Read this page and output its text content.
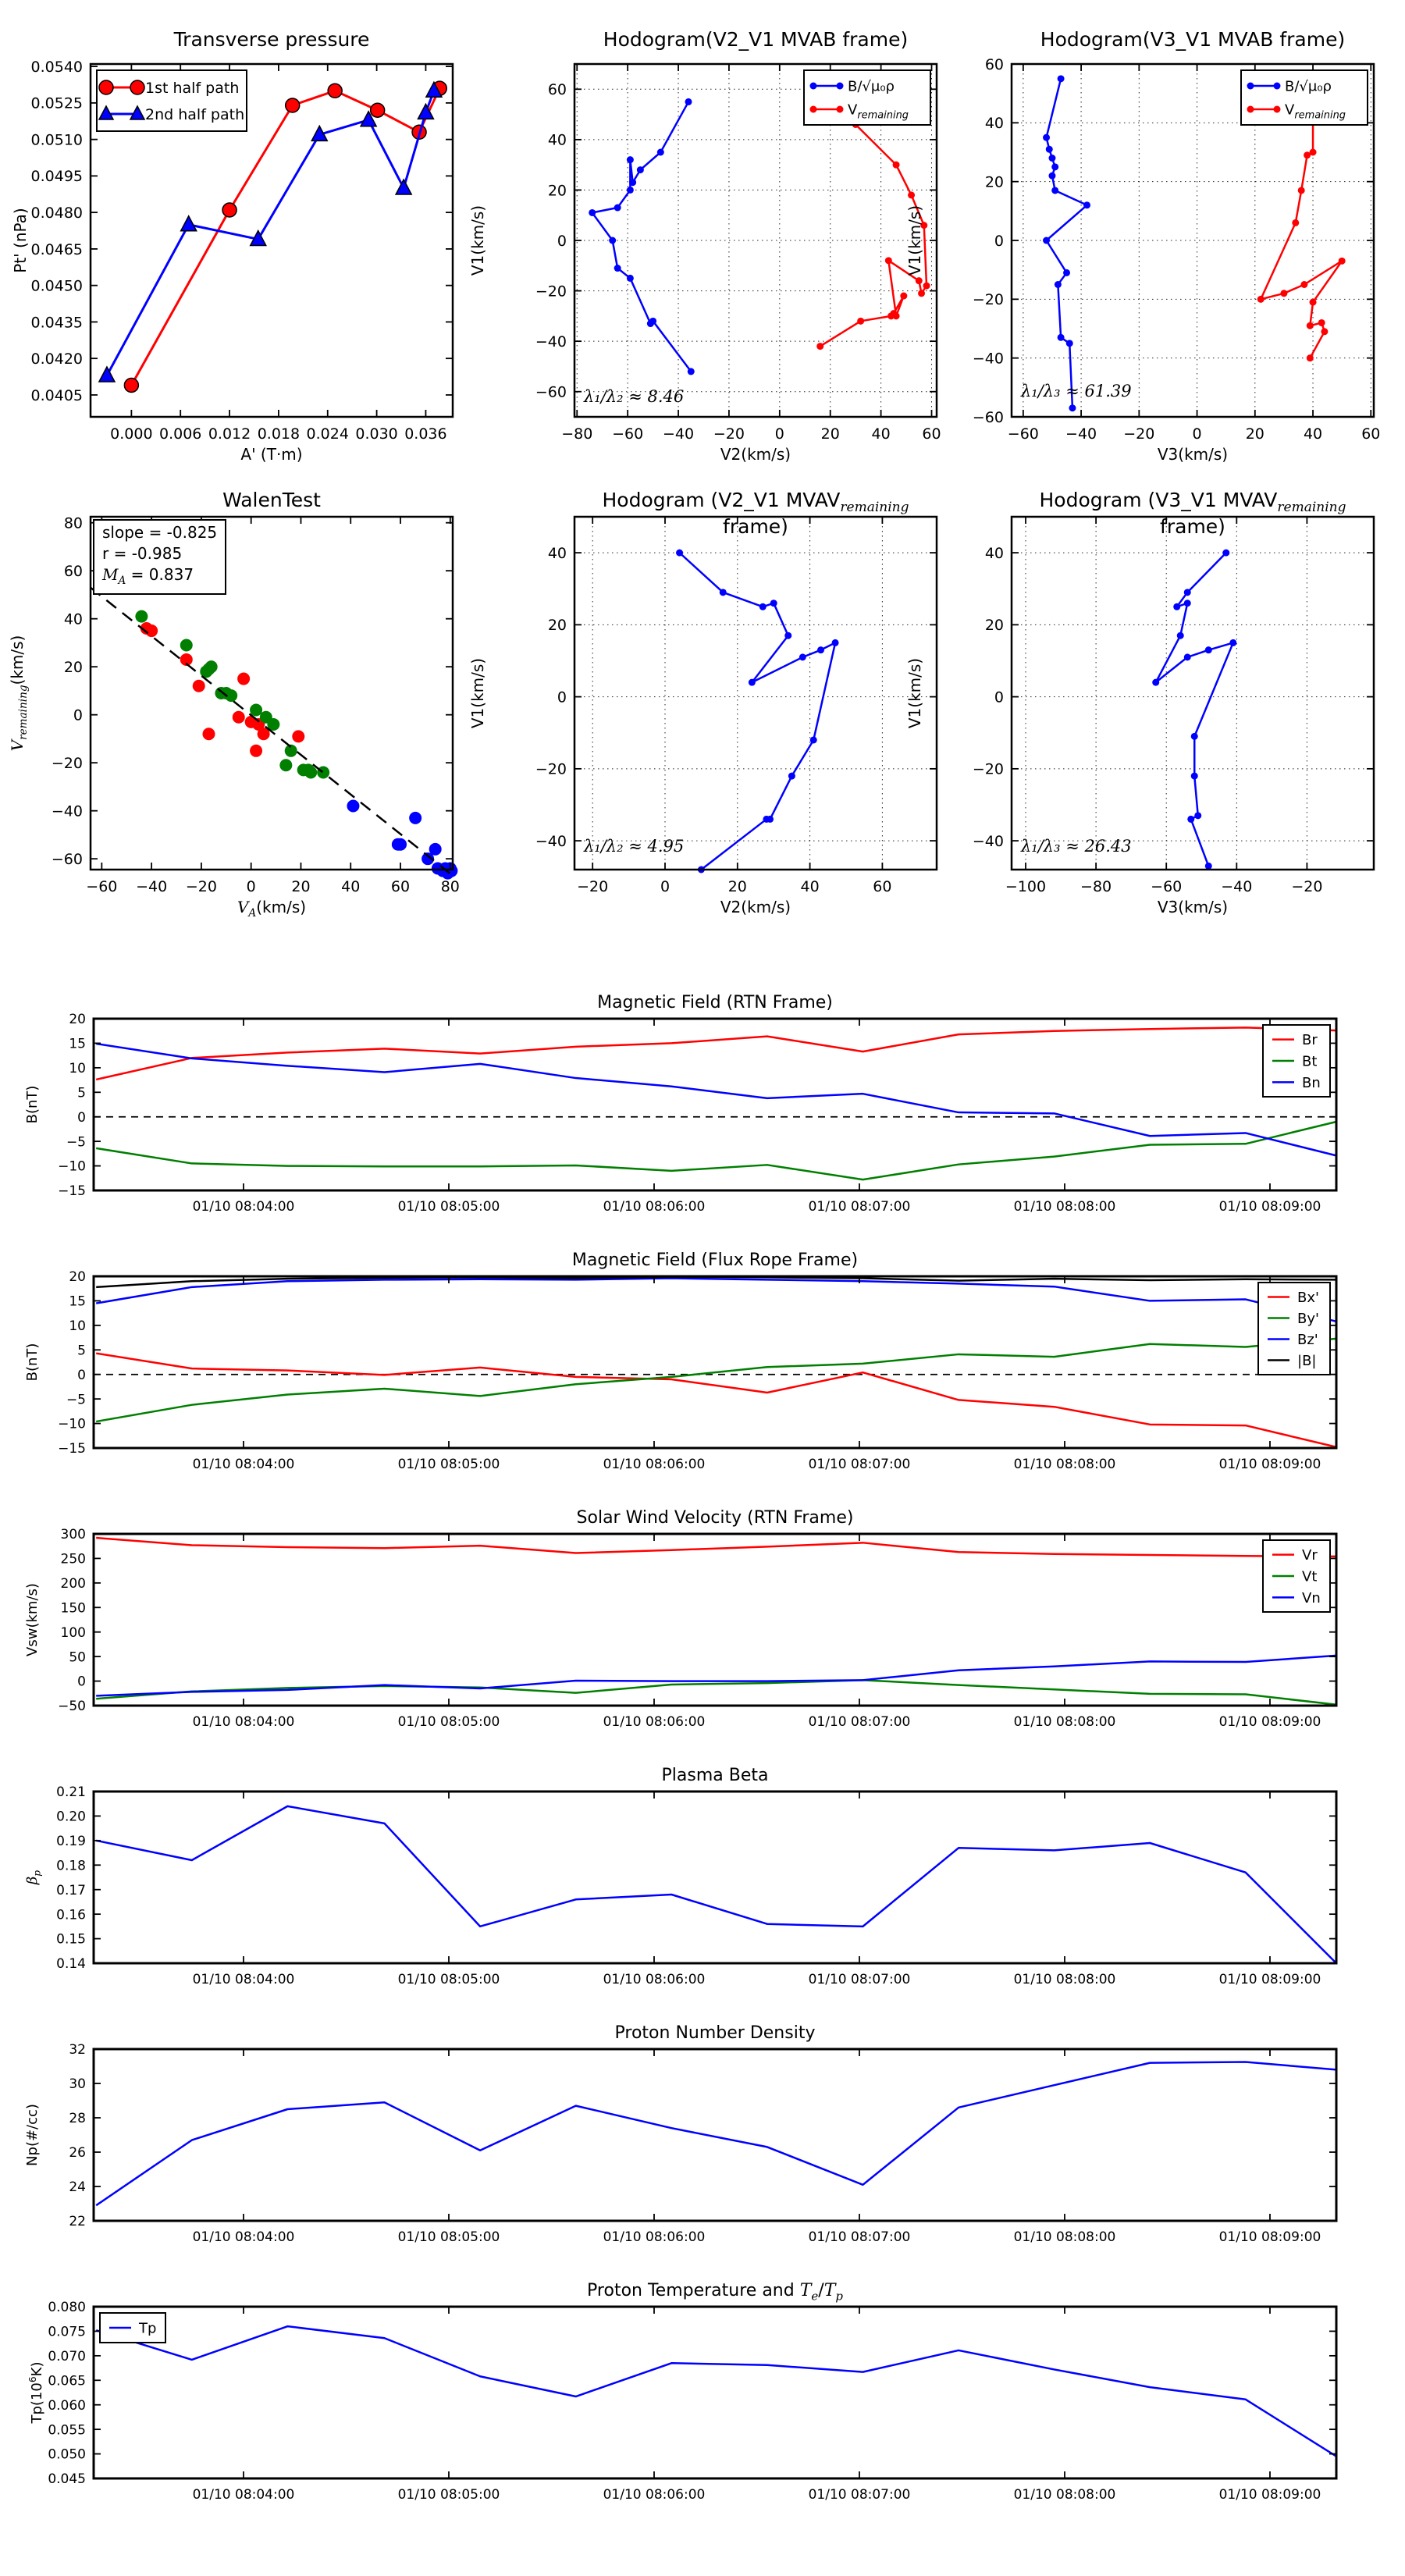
0.000 0.006 0.012 0.018 0.024 0.030 0.036
0.0405
0.0420
0.0435
0.0450
0.0465
0.0480
0.0495
0.0510
0.0525
0.0540
1st half path
2nd half path
−80 −60 −40 −20 0 20 40 60
−60
−40
−20
0
20
40
60	B/√μ₀ρ
$V_{remaining}$
−60 −40 −20	0	20	40	60
−60
−40
−20
0
20
40
60
B/√μ₀ρ
$V_{remaining}$
−60 −40 −20 0 20 40 60 80
−60
−40
−20
0
20
40
60
80
−20	0	20	40	60
−40
−20
0
20
40
−100 −80	−60	−40	−20
−40
−20
0
20
40
01/10 08:04:00	01/10 08:05:00	01/10 08:06:00	01/10 08:07:00	01/10 08:08:00	01/10 08:09:00
−15
−10
−5
0
5
10
15
20
Br
Bt
Bn
01/10 08:04:00	01/10 08:05:00	01/10 08:06:00	01/10 08:07:00	01/10 08:08:00	01/10 08:09:00
−15
−10
−5
0
5
10
15
20
Bx'
By'
Bz'
|B|
01/10 08:04:00	01/10 08:05:00	01/10 08:06:00	01/10 08:07:00	01/10 08:08:00	01/10 08:09:00
−50
0
50
100
150
200
250
300
Vr
Vt
Vn
01/10 08:04:00	01/10 08:05:00	01/10 08:06:00	01/10 08:07:00	01/10 08:08:00	01/10 08:09:00
0.14
0.15
0.16
0.17
0.18
0.19
0.20
0.21
01/10 08:04:00	01/10 08:05:00	01/10 08:06:00	01/10 08:07:00	01/10 08:08:00	01/10 08:09:00
22
24
26
28
30
32
01/10 08:04:00	01/10 08:05:00	01/10 08:06:00	01/10 08:07:00	01/10 08:08:00	01/10 08:09:00
0.045
0.050
0.055
0.060
0.065
0.070
0.075
0.080
Tp
Transverse pressure	Hodogram(V2_V1 MVAB frame)	Hodogram(V3_V1 MVAB frame)
WalenTest	Hodogram (V2_V1 $MVAV_{remaining}$ frame)
Hodogram (V3_V1 $MVAV_{remaining}$ frame)
Magnetic Field (RTN Frame)
Magnetic Field (Flux Rope Frame)
Solar Wind Velocity (RTN Frame)
Plasma Beta
Proton Number Density
Proton Temperature and $T_e/T_p$
A' (T·m)	V2(km/s)	V3(km/s)
$V_A(km/s)$	V2(km/s)	V3(km/s)
Pt' (nPa)	V1(km/s)	V1(km/s)
$V_{remaining}(km/s)$	V1(km/s)	V1(km/s)
B(nT)
B(nT)
Vsw(km/s)
$\beta_p$
Np(#/cc)
$Tp(10^6K)$
λ₁/λ₂ ≈ 8.46	λ₁/λ₃ ≈ 61.39
λ₁/λ₂ ≈ 4.95	λ₁/λ₃ ≈ 26.43
slope = -0.825
r = -0.985
$M_A = 0.837$
